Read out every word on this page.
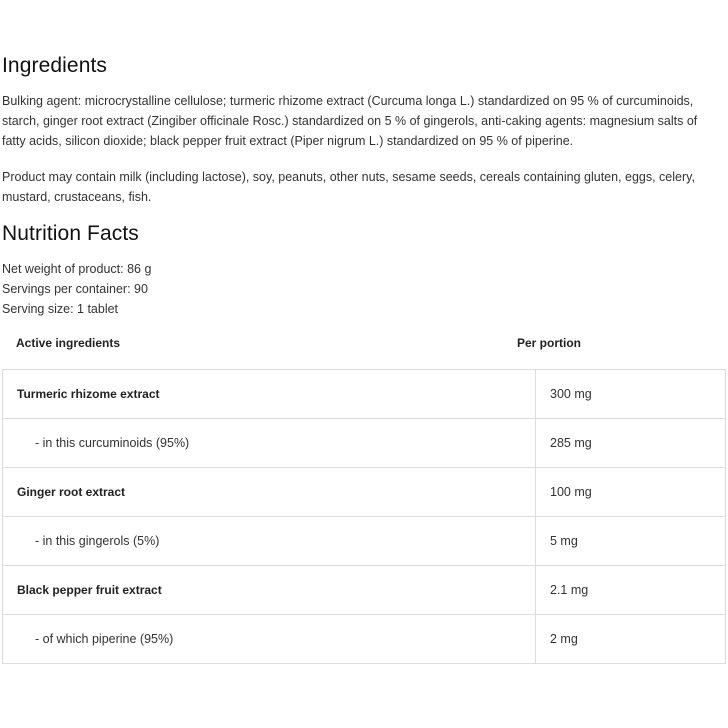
Ingredients
Bulking agent: microcrystalline cellulose; turmeric rhizome extract (Curcuma longa L.) standardized on 95 % of curcuminoids, starch, ginger root extract (Zingiber officinale Rosc.) standardized on 5 % of gingerols, anti-caking agents: magnesium salts of fatty acids, silicon dioxide; black pepper fruit extract (Piper nigrum L.) standardized on 95 % of piperine.
Product may contain milk (including lactose), soy, peanuts, other nuts, sesame seeds, cereals containing gluten, eggs, celery, mustard, crustaceans, fish.
Nutrition Facts
Net weight of product: 86 g
Servings per container: 90
Serving size: 1 tablet
Active ingredients	Per portion
Turmeric rhizome extract	300 mg
- in this curcuminoids (95%)	285 mg
Ginger root extract	100 mg
- in this gingerols (5%)	5 mg
Black pepper fruit extract	2.1 mg
- of which piperine (95%)	2 mg
